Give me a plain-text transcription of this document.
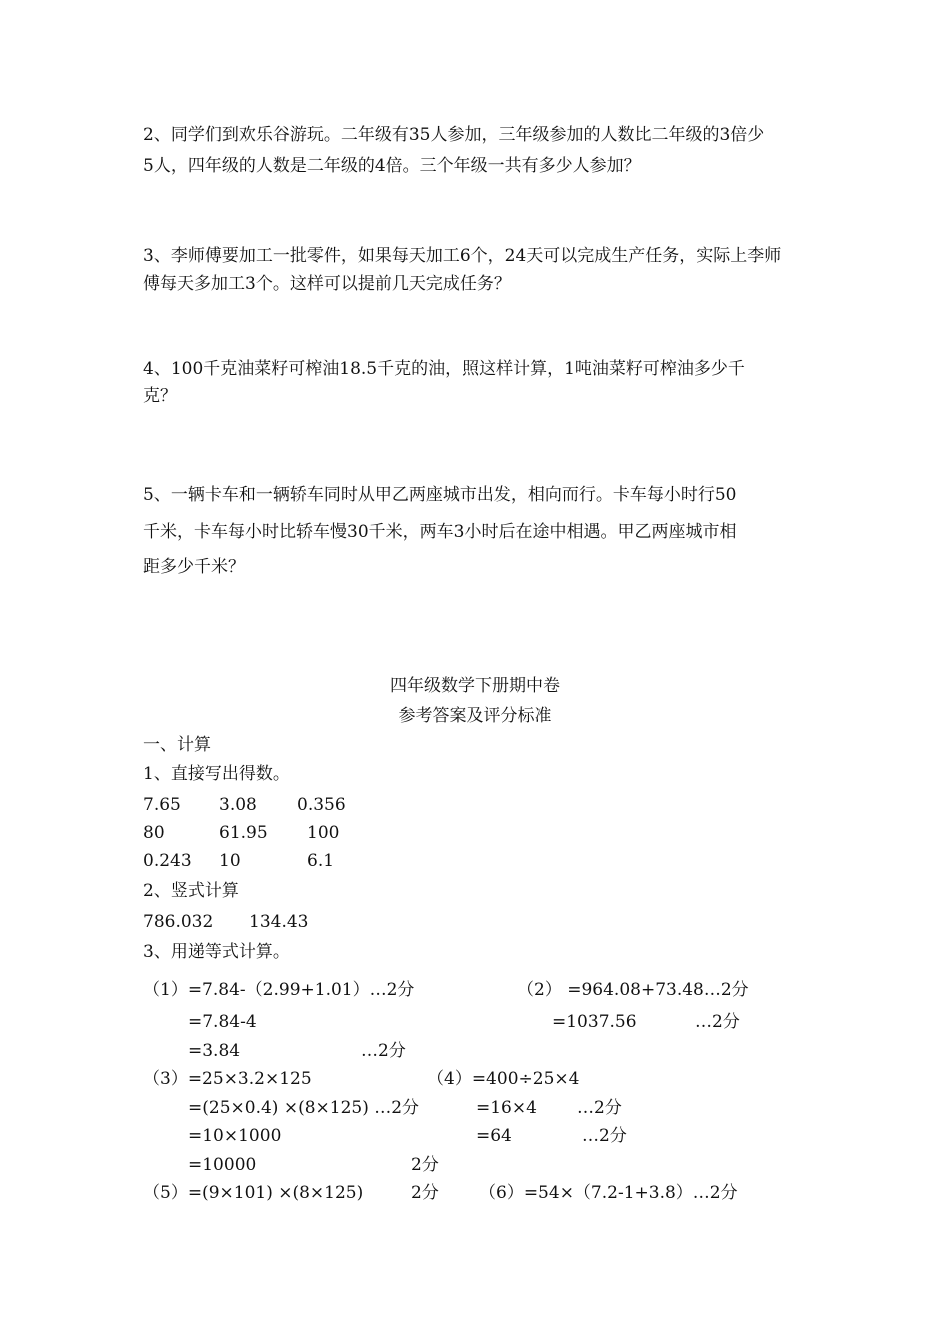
2、同学们到欢乐谷游玩。二年级有35人参加，三年级参加的人数比二年级的3倍少
5人，四年级的人数是二年级的4倍。三个年级一共有多少人参加？
3、李师傅要加工一批零件，如果每天加工6个，24天可以完成生产任务，实际上李师
傅每天多加工3个。这样可以提前几天完成任务？
4、100千克油菜籽可榨油18.5千克的油，照这样计算，1吨油菜籽可榨油多少千
克？
5、一辆卡车和一辆轿车同时从甲乙两座城市出发，相向而行。卡车每小时行50
千米，卡车每小时比轿车慢30千米，两车3小时后在途中相遇。甲乙两座城市相
距多少千米？
四年级数学下册期中卷
参考答案及评分标准
一、计算
1、直接写出得数。
7.65 3.08 0.356
80	61.95 100
0.243 10	6.1
2、竖式计算
786.032 134.43
3、用递等式计算。
（1）=7.84-（2.99+1.01）…2分	（2） =964.08+73.48…2分
=7.84-4	=1037.56	…2分
=3.84	…2分
（3）=25×3.2×125	（4）=400÷25×4
=(25×0.4) ×(8×125) …2分	=16×4 …2分
=10×1000	=64	…2分
=10000	2分
（5）=(9×101) ×(8×125)	2分 （6）=54×（7.2-1+3.8）…2分
